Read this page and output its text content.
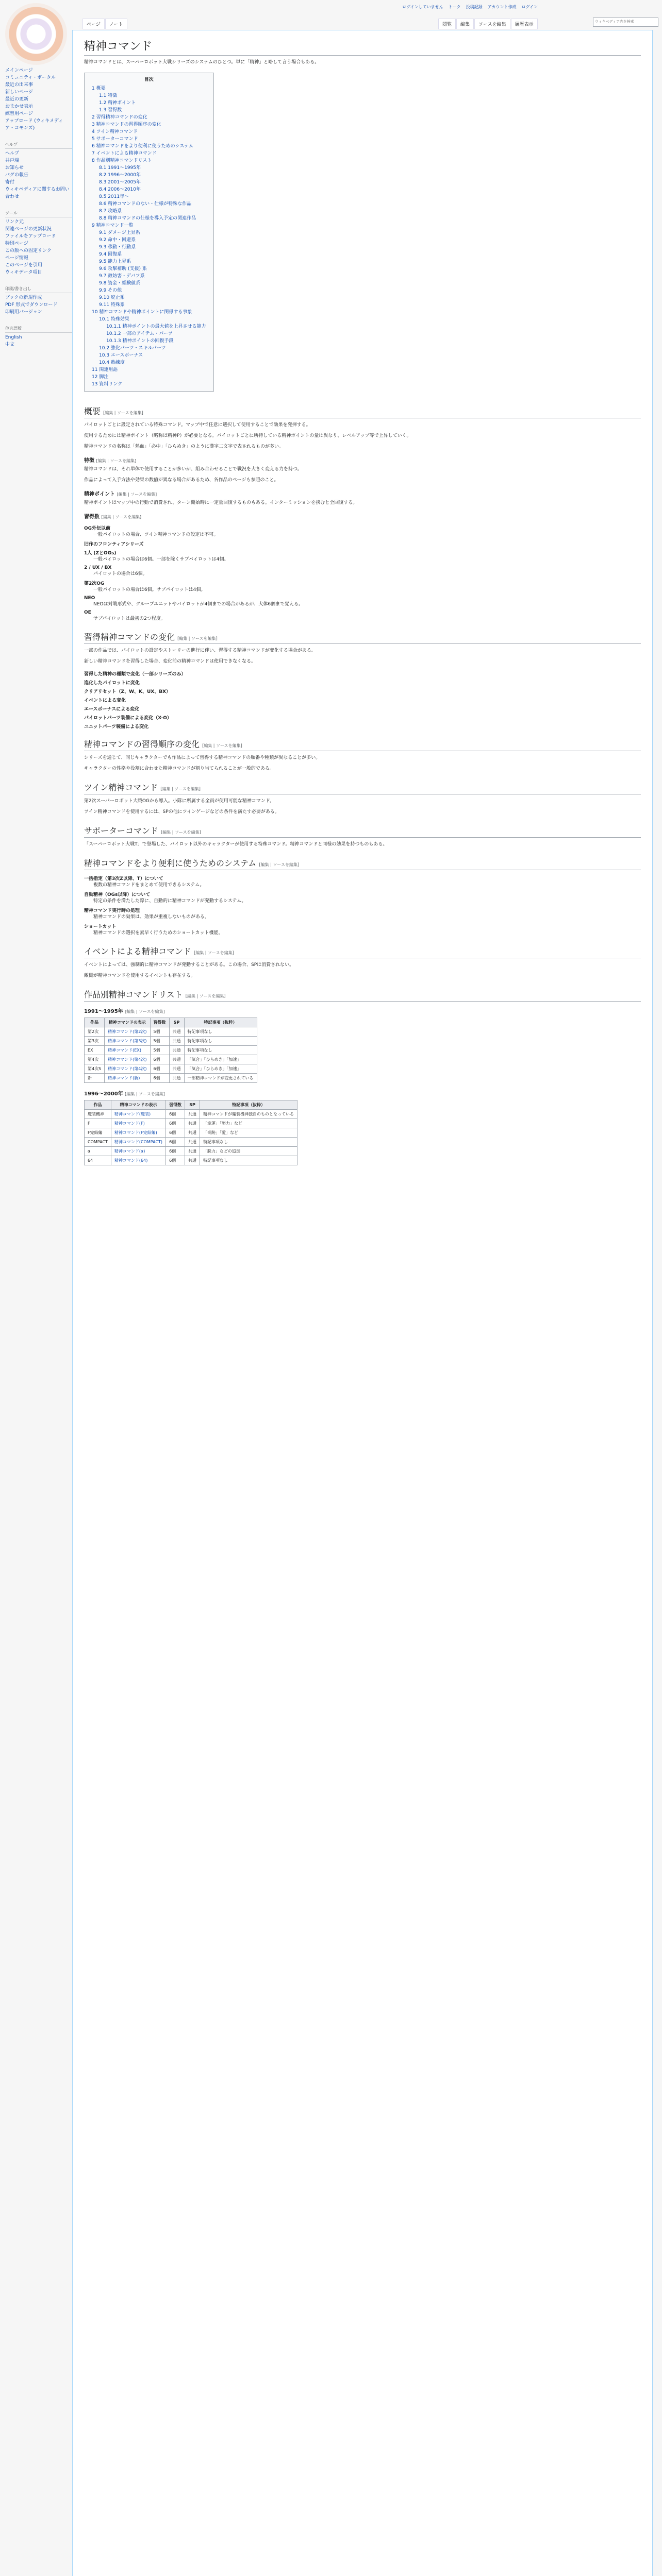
ログインしていません トーク 投稿記録 アカウント作成 ログイン
ページ ノート	閲覧 編集 ソースを編集 履歴表示
ウィキペディア内を検索
メインページ
コミュニティ・ポータル
最近の出来事
新しいページ
最近の更新
おまかせ表示
練習用ページ
アップロード (ウィキメディア・コモンズ)
ヘルプ
ヘルプ
井戸端
お知らせ
バグの報告
寄付
ウィキペディアに関するお問い合わせ
ツール
リンク元
関連ページの更新状況
ファイルをアップロード
特別ページ
この版への固定リンク
ページ情報
このページを引用
ウィキデータ項目
印刷/書き出し
ブックの新規作成
PDF 形式でダウンロード
印刷用バージョン
他言語版
English
中文
精神コマンド

精神コマンドとは、スーパーロボット大戦シリーズのシステムのひとつ。単に「精神」と略して言う場合もある。

目次
1 概要
1.1 特徴
1.2 精神ポイント
1.3 習得数
2 習得精神コマンドの変化
3 精神コマンドの習得順序の変化
4 ツイン精神コマンド
5 サポーターコマンド
6 精神コマンドをより便利に使うためのシステム
7 イベントによる精神コマンド
8 作品別精神コマンドリスト
8.1 1991〜1995年
8.2 1996〜2000年
8.3 2001〜2005年
8.4 2006〜2010年
8.5 2011年〜
8.6 精神コマンドのない・仕様が特殊な作品
8.7 攻略系
8.8 精神コマンドの仕様を導入予定の関連作品
9 精神コマンド一覧
9.1 ダメージ上昇系
9.2 命中・回避系
9.3 移動・行動系
9.4 回復系
9.5 能力上昇系
9.6 攻撃補助 (支援) 系
9.7 敵妨害・デバフ系
9.8 資金・経験値系
9.9 その他
9.10 廃止系
9.11 特殊系
10 精神コマンドや精神ポイントに関係する事象
10.1 特殊効果
10.1.1 精神ポイントの最大値を上昇させる能力
10.1.2 一部のアイテム・パーツ
10.1.3 精神ポイントの回復手段
10.2 強化パーツ・スキルパーツ
10.3 エースボーナス
10.4 熟練度
11 関連用語
12 脚注
13 資料リンク
概要 [編集 | ソースを編集]

パイロットごとに設定されている特殊コマンド。マップ中で任意に選択して使用することで効果を発揮する。

使用するためには精神ポイント（略称は精神P）が必要となる。パイロットごとに所持している精神ポイントの量は異なり、レベルアップ等で上昇していく。

精神コマンドの名称は「熱血」「必中」「ひらめき」のように漢字二文字で表されるものが多い。

特徴 [編集 | ソースを編集]

精神コマンドは、それ単体で使用することが多いが、組み合わせることで戦況を大きく変える力を持つ。

作品によって入手方法や効果の数値が異なる場合があるため、各作品のページも参照のこと。

精神ポイント [編集 | ソースを編集]

精神ポイントはマップ中の行動で消費され、ターン開始時に一定量回復するものもある。インターミッションを挟むと全回復する。

習得数 [編集 | ソースを編集]
OG外伝以前
一般パイロットの場合、ツイン精神コマンドの設定は不可。
旧作のフロンティアシリーズ
1人 (ZとOGs)
一般パイロットの場合は6個。一部を除くサブパイロットは4個。
2 / UX / BX
パイロットの場合は6個。
第2次OG
一般パイロットの場合は6個。サブパイロットは4個。
NEO
NEOは対戦形式や、グループユニットやパイロットが4個までの場合があるが、大体6個まで覚える。
OE
サブパイロットは最初の2つ程度。
習得精神コマンドの変化 [編集 | ソースを編集]

一部の作品では、パイロットの設定やストーリーの進行に伴い、習得する精神コマンドが変化する場合がある。

新しい精神コマンドを習得した場合、変化前の精神コマンドは使用できなくなる。

習得した精神の種類で変化（一部シリーズのみ）
進化したパイロットに変化
クリアリセット（Z、W、K、UX、BX）
イベントによる変化
エースボーナスによる変化
パイロットパーツ装備による変化（X-Ω）
ユニットパーツ装備による変化
精神コマンドの習得順序の変化 [編集 | ソースを編集]

シリーズを通じて、同じキャラクターでも作品によって習得する精神コマンドの順番や種類が異なることが多い。

キャラクターの性格や役割に合わせた精神コマンドが割り当てられることが一般的である。

ツイン精神コマンド [編集 | ソースを編集]

第2次スーパーロボット大戦OGから導入。小隊に所属する全員が使用可能な精神コマンド。

ツイン精神コマンドを使用するには、SPの他にツインゲージなどの条件を満たす必要がある。

サポーターコマンド [編集 | ソースを編集]

「スーパーロボット大戦T」で登場した、パイロット以外のキャラクターが使用する特殊コマンド。精神コマンドと同様の効果を持つものもある。

精神コマンドをより便利に使うためのシステム [編集 | ソースを編集]
一括指定（第3次Z以降、T）について
複数の精神コマンドをまとめて使用できるシステム。
自動精神（OGs以降）について
特定の条件を満たした際に、自動的に精神コマンドが発動するシステム。
精神コマンド実行時の処理
精神コマンドの効果は、効果が重複しないものがある。
ショートカット
精神コマンドの選択を素早く行うためのショートカット機能。
イベントによる精神コマンド [編集 | ソースを編集]

イベントによっては、強制的に精神コマンドが発動することがある。この場合、SPは消費されない。

敵側が精神コマンドを使用するイベントも存在する。

作品別精神コマンドリスト [編集 | ソースを編集]
1991〜1995年 [編集 | ソースを編集]
作品	精神コマンドの表示	習得数	SP	特記事項（抜粋）
第2次	精神コマンド(第2次)	5個	共通	特記事項なし
第3次	精神コマンド(第3次)	5個	共通	特記事項なし
EX	精神コマンド(EX)	5個	共通	特記事項なし
第4次	精神コマンド(第4次)	6個	共通	「気合」「ひらめき」「加速」
第4次S	精神コマンド(第4次)	6個	共通	「気合」「ひらめき」「加速」
新	精神コマンド(新)	6個	共通	一部精神コマンドが変更されている
1996〜2000年 [編集 | ソースを編集]
作品	精神コマンドの表示	習得数	SP	特記事項（抜粋）
魔装機神	精神コマンド(魔装)	6個	共通	精神コマンドが魔装機神独自のものとなっている
F	精神コマンド(F)	6個	共通	「幸運」「努力」など
F完結編	精神コマンド(F完結編)	6個	共通	「奇跡」「愛」など
COMPACT	精神コマンド(COMPACT)	6個	共通	特記事項なし
α	精神コマンド(α)	6個	共通	「脱力」などの追加
64	精神コマンド(64)	6個	共通	特記事項なし
